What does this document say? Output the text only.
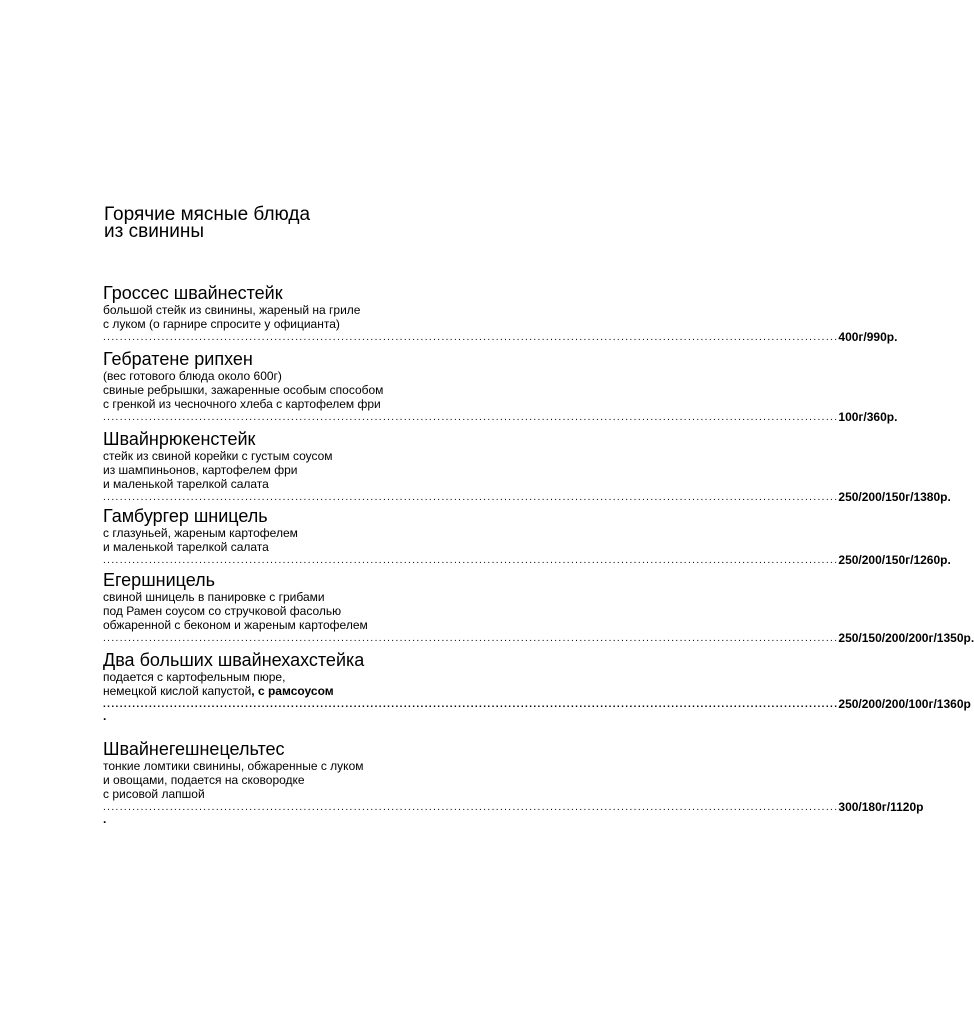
Горячие мясные блюда
из свинины
Гроссес швайнестейк
большой стейк из свинины, жареный на гриле
с луком (о гарнире спросите у официанта)
................................................................................................................................................................................ 400г/990р.
Гебратене рипхен
(вес готового блюда около 600г)
свиные ребрышки, зажаренные особым способом
с гренкой из чесночного хлеба с картофелем фри
................................................................................................................................................................................ 100г/360р.
Швайнрюкенстейк
стейк из свиной корейки с густым соусом
из шампиньонов, картофелем фри
и маленькой тарелкой салата
................................................................................................................................................................................ 250/200/150г/1380р.
Гамбургер шницель
с глазуньей, жареным картофелем
и маленькой тарелкой салата
................................................................................................................................................................................ 250/200/150г/1260р.
Егершницель
свиной шницель в панировке с грибами
под Рамен соусом со стручковой фасолью
обжаренной с беконом и жареным картофелем
................................................................................................................................................................................ 250/150/200/200г/1350р.
Два больших швайнехахстейка
подается с картофельным пюре,
немецкой кислой капустой, с рамсоусом
................................................................................................................................................................................ 250/200/200/100г/1360р
.
Швайнегешнецельтес
тонкие ломтики свинины, обжаренные с луком
и овощами, подается на сковородке
с рисовой лапшой
................................................................................................................................................................................ 300/180г/1120р
.
